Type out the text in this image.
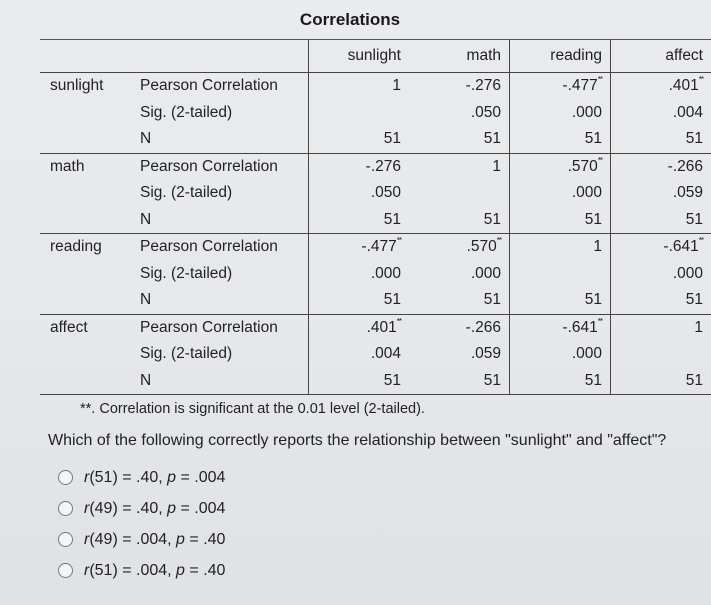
Correlations
		sunlight	math	reading	affect
sunlight	Pearson Correlation	1	-.276	-.477**	.401**
	Sig. (2-tailed)		.050	.000	.004
	N	51	51	51	51
math	Pearson Correlation	-.276	1	.570**	-.266
	Sig. (2-tailed)	.050		.000	.059
	N	51	51	51	51
reading	Pearson Correlation	-.477**	.570**	1	-.641**
	Sig. (2-tailed)	.000	.000		.000
	N	51	51	51	51
affect	Pearson Correlation	.401**	-.266	-.641**	1
	Sig. (2-tailed)	.004	.059	.000	
	N	51	51	51	51
**. Correlation is significant at the 0.01 level (2-tailed).
Which of the following correctly reports the relationship between "sunlight" and "affect"?
r(51) = .40, p = .004
r(49) = .40, p = .004
r(49) = .004, p = .40
r(51) = .004, p = .40
